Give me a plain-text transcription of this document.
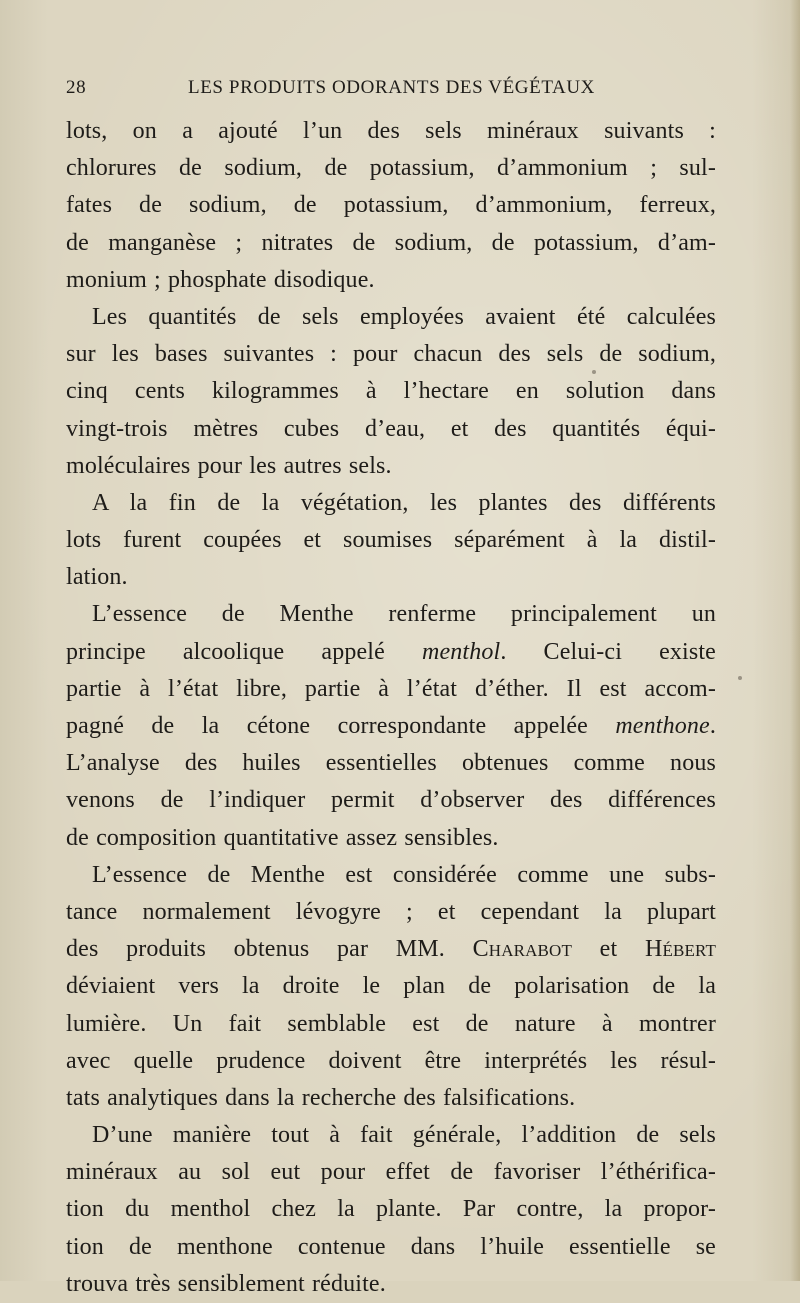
28	LES PRODUITS ODORANTS DES VÉGÉTAUX
lots, on a ajouté l’un des sels minéraux suivants :
chlorures de sodium, de potassium, d’ammonium ; sul-
fates de sodium, de potassium, d’ammonium, ferreux,
de manganèse ; nitrates de sodium, de potassium, d’am-
monium ; phosphate disodique.
Les quantités de sels employées avaient été calculées
sur les bases suivantes : pour chacun des sels de sodium,
cinq cents kilogrammes à l’hectare en solution dans
vingt-trois mètres cubes d’eau, et des quantités équi-
moléculaires pour les autres sels.
A la fin de la végétation, les plantes des différents
lots furent coupées et soumises séparément à la distil-
lation.
L’essence de Menthe renferme principalement un
principe alcoolique appelé menthol. Celui-ci existe
partie à l’état libre, partie à l’état d’éther. Il est accom-
pagné de la cétone correspondante appelée menthone.
L’analyse des huiles essentielles obtenues comme nous
venons de l’indiquer permit d’observer des différences
de composition quantitative assez sensibles.
L’essence de Menthe est considérée comme une subs-
tance normalement lévogyre ; et cependant la plupart
des produits obtenus par MM. Charabot et Hébert
déviaient vers la droite le plan de polarisation de la
lumière. Un fait semblable est de nature à montrer
avec quelle prudence doivent être interprétés les résul-
tats analytiques dans la recherche des falsifications.
D’une manière tout à fait générale, l’addition de sels
minéraux au sol eut pour effet de favoriser l’éthérifica-
tion du menthol chez la plante. Par contre, la propor-
tion de menthone contenue dans l’huile essentielle se
trouva très sensiblement réduite.
